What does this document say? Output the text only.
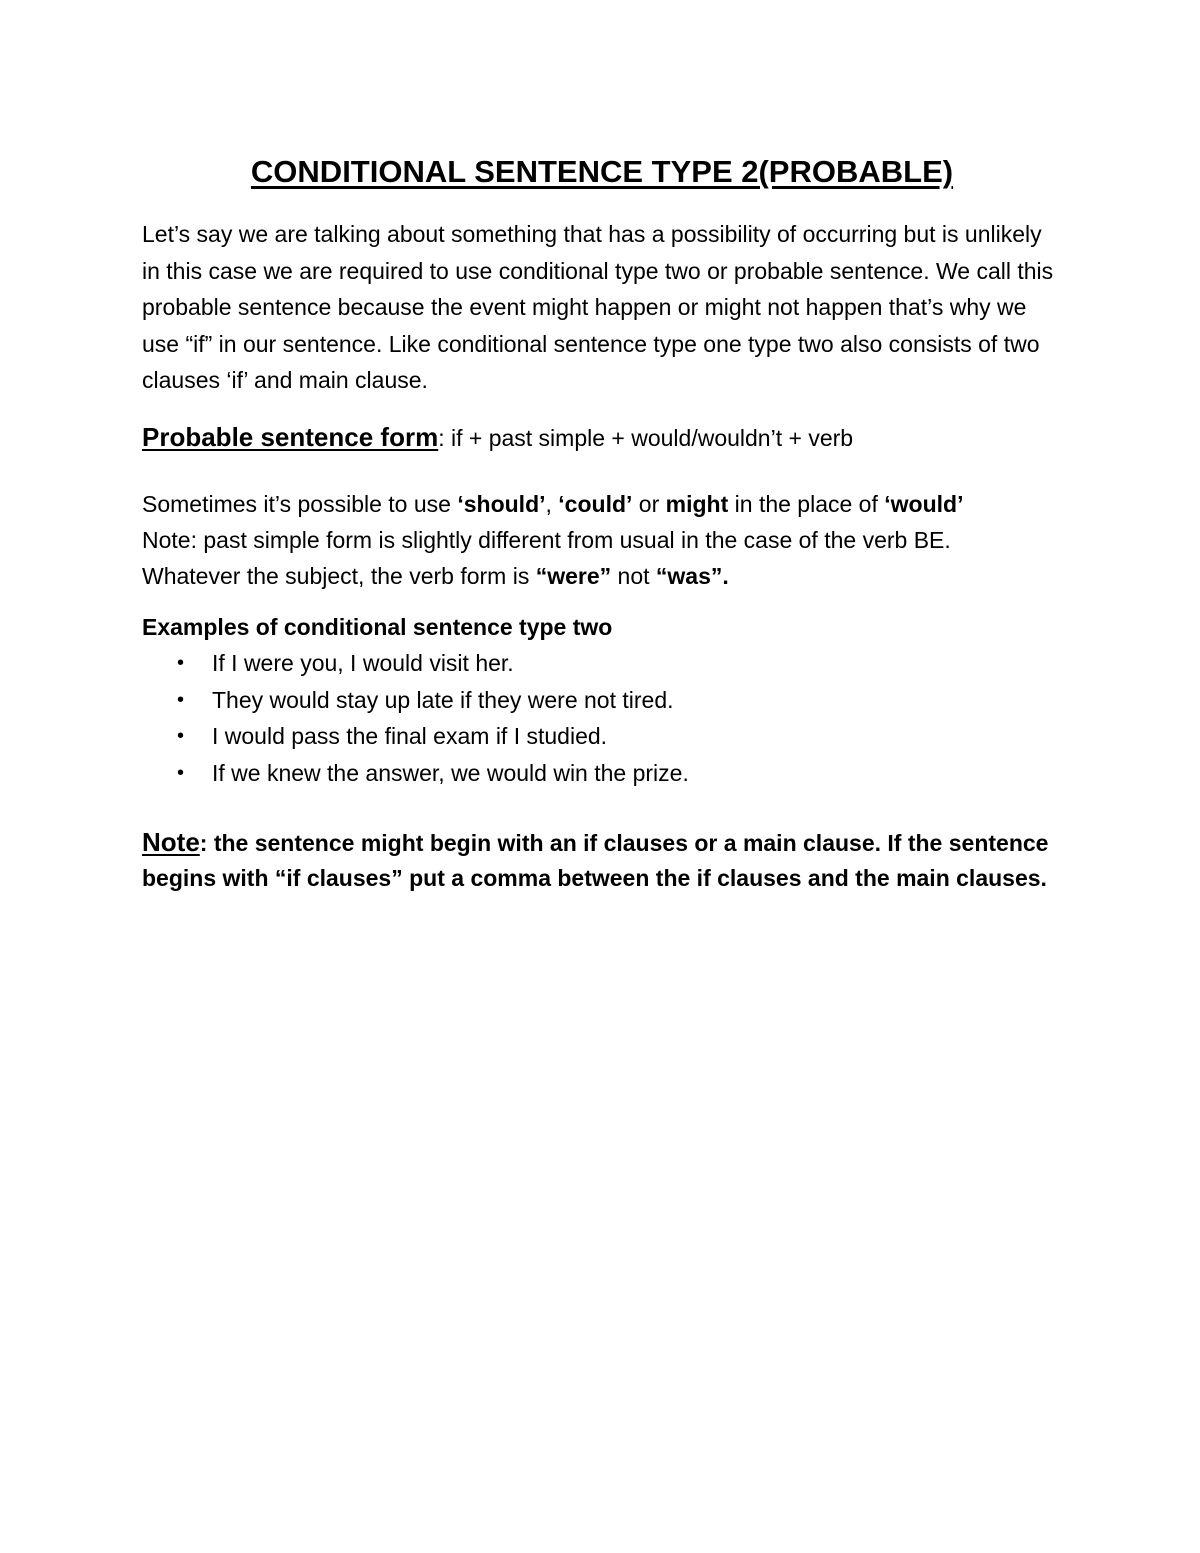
CONDITIONAL SENTENCE TYPE 2(PROBABLE)

Let’s say we are talking about something that has a possibility of occurring but is unlikely in this case we are required to use conditional type two or probable sentence. We call this probable sentence because the event might happen or might not happen that’s why we use “if” in our sentence. Like conditional sentence type one type two also consists of two clauses ‘if’ and main clause.

Probable sentence form: if + past simple + would/wouldn’t + verb

Sometimes it’s possible to use ‘should’, ‘could’ or might in the place of ‘would’

Note: past simple form is slightly different from usual in the case of the verb BE.

Whatever the subject, the verb form is “were” not “was”.

Examples of conditional sentence type two

• If I were you, I would visit her.
• They would stay up late if they were not tired.
• I would pass the final exam if I studied.
• If we knew the answer, we would win the prize.

Note: the sentence might begin with an if clauses or a main clause. If the sentence begins with “if clauses” put a comma between the if clauses and the main clauses.
